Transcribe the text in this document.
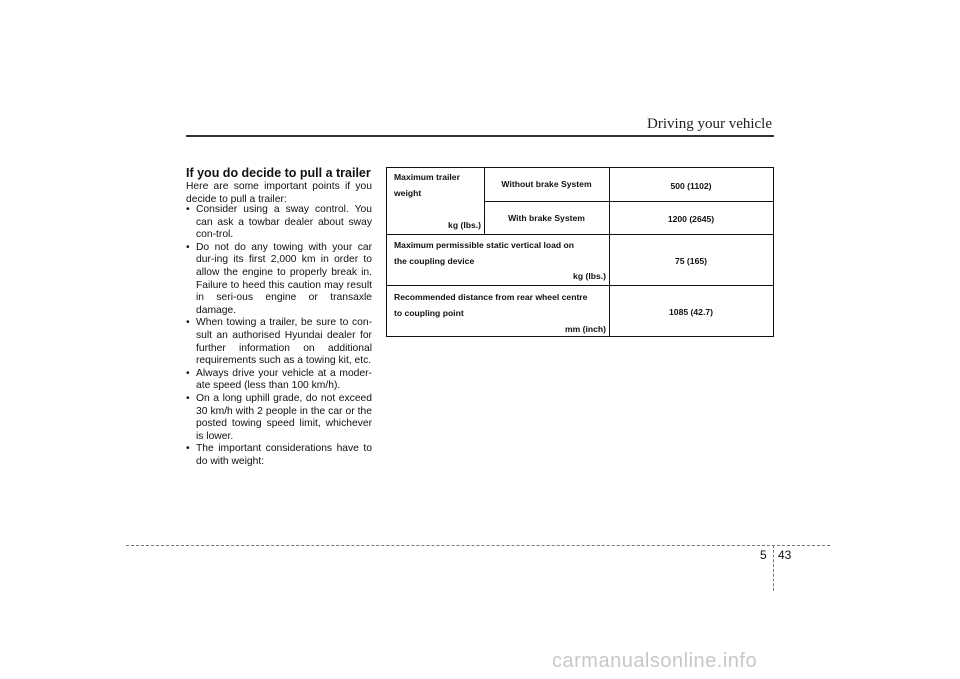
Driving your vehicle
If you do decide to pull a trailer
Here are some important points if you decide to pull a trailer:
• Consider using a sway control. You can ask a towbar dealer about sway con-trol.
• Do not do any towing with your car dur-ing its first 2,000 km in order to allow the engine to properly break in. Failure to heed this caution may result in seri-ous engine or transaxle damage.
• When towing a trailer, be sure to con-sult an authorised Hyundai dealer for further information on additional requirements such as a towing kit, etc.
• Always drive your vehicle at a moder-ate speed (less than 100 km/h).
• On a long uphill grade, do not exceed 30 km/h with 2 people in the car or the posted towing speed limit, whichever is lower.
• The important considerations have to do with weight:
Maximum trailer
weight
kg (lbs.)
Without brake System	500 (1102)
With brake System	1200 (2645)
Maximum permissible static vertical load on
the coupling device
kg (lbs.)
75 (165)
Recommended distance from rear wheel centre
to coupling point
mm (inch)
1085 (42.7)
5 43
carmanualsonline.info
